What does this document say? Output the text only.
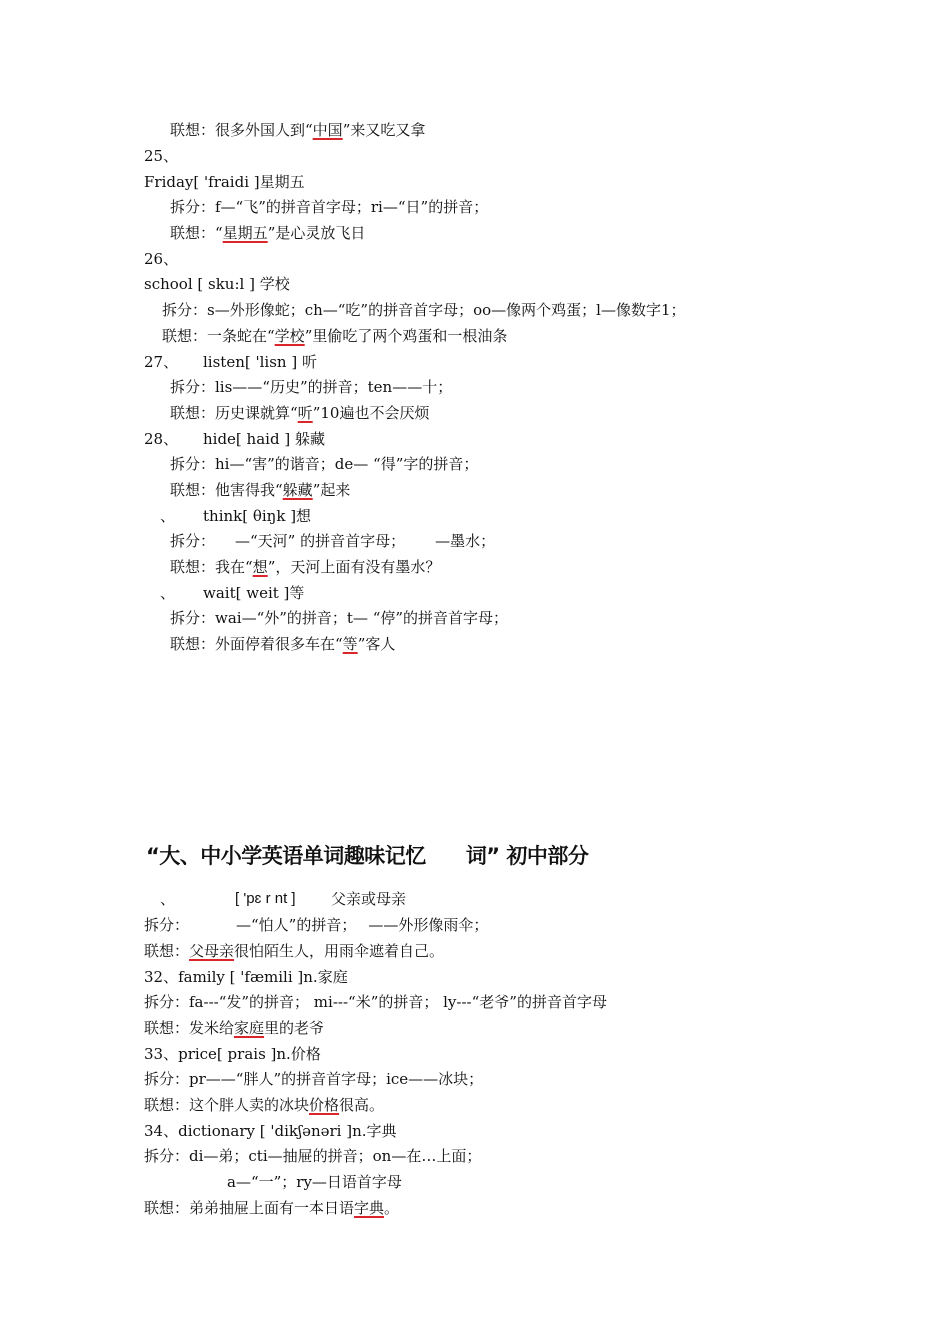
联想：很多外国人到“中国”来又吃又拿
25、
Friday[ 'fraidi ]星期五
拆分：f—“飞”的拼音首字母；ri—“日”的拼音；
联想：“星期五”是心灵放飞日
26、
school [ sku:l ] 学校
拆分：s—外形像蛇；ch—“吃”的拼音首字母；oo—像两个鸡蛋；l—像数字1；
联想：一条蛇在“学校”里偷吃了两个鸡蛋和一根油条
27、 listen[ 'lisn ] 听
拆分：lis——“历史”的拼音；ten——十；
联想：历史课就算“听”10遍也不会厌烦
28、 hide[ haid ] 躲藏
拆分：hi—“害”的谐音；de— “得”字的拼音；
联想：他害得我“躲藏”起来
、 think[ θiŋk ]想
拆分： —“天河” 的拼音首字母； —墨水；
联想：我在“想”，天河上面有没有墨水？
、 wait[ weit ]等
拆分：wai—“外”的拼音；t— “停”的拼音首字母；
联想：外面停着很多车在“等”客人
“大、中小学英语单词趣味记忆 词” 初中部分
、	[ 'pɛ r nt ] 父亲或母亲
拆分：	—“怕人”的拼音； ——外形像雨伞；
联想：父母亲很怕陌生人，用雨伞遮着自己。
32、family [ 'fæmili ]n.家庭
拆分：fa---“发”的拼音； mi---“米”的拼音； ly---“老爷”的拼音首字母
联想：发米给家庭里的老爷
33、price[ prais ]n.价格
拆分：pr——“胖人”的拼音首字母；ice——冰块；
联想：这个胖人卖的冰块价格很高。
34、dictionary [ 'dikʃənəri ]n.字典
拆分：di—弟；cti—抽屉的拼音；on—在…上面；
a—“一”；ry—日语首字母
联想：弟弟抽屉上面有一本日语字典。
